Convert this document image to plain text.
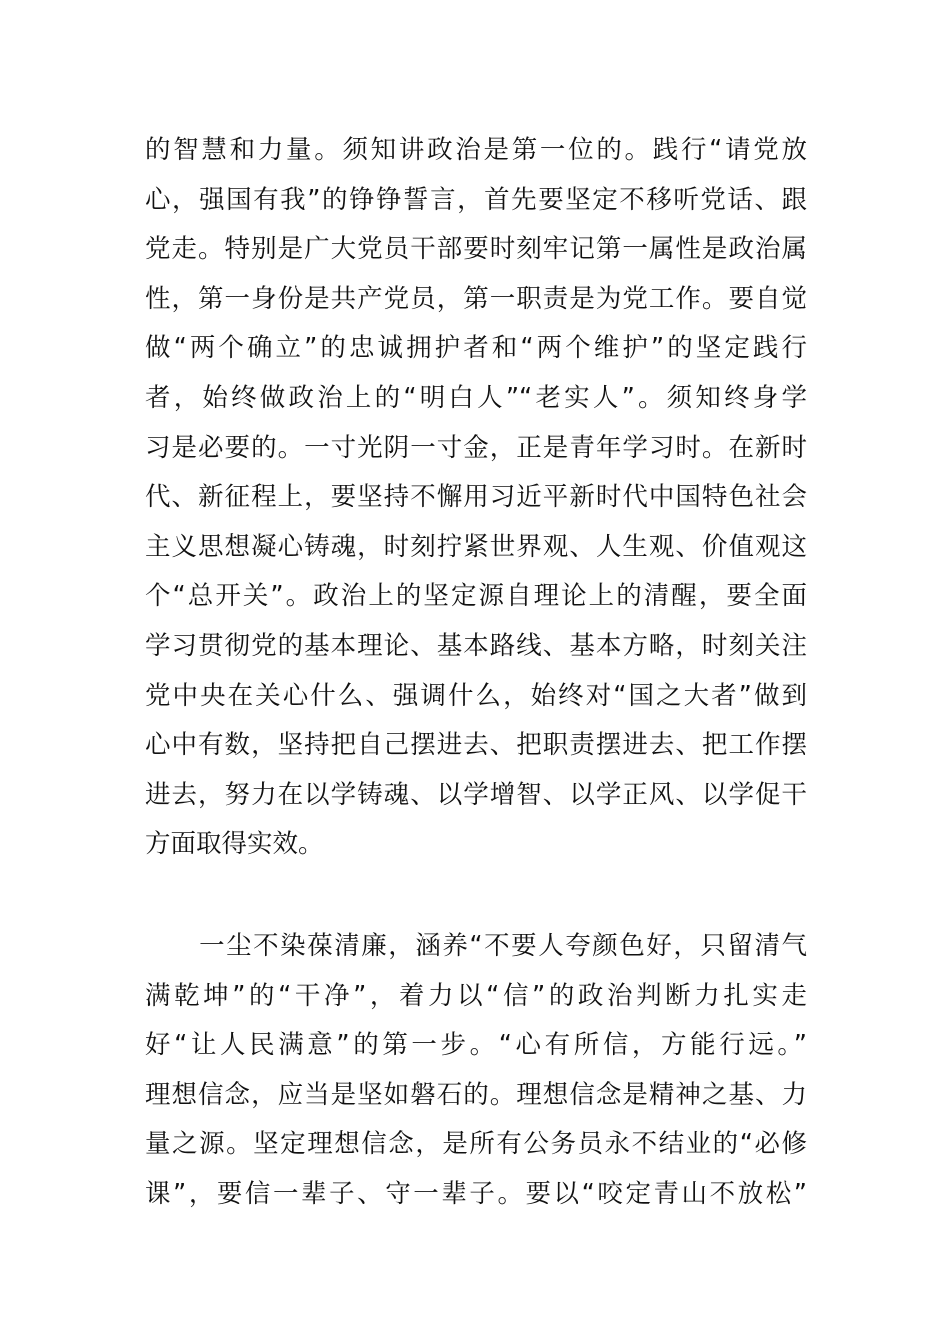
的智慧和力量。须知讲政治是第一位的。践行“请党放
心，强国有我”的铮铮誓言，首先要坚定不移听党话、跟
党走。特别是广大党员干部要时刻牢记第一属性是政治属
性，第一身份是共产党员，第一职责是为党工作。要自觉
做“两个确立”的忠诚拥护者和“两个维护”的坚定践行
者，始终做政治上的“明白人”“老实人”。须知终身学
习是必要的。一寸光阴一寸金，正是青年学习时。在新时
代、新征程上，要坚持不懈用习近平新时代中国特色社会
主义思想凝心铸魂，时刻拧紧世界观、人生观、价值观这
个“总开关”。政治上的坚定源自理论上的清醒，要全面
学习贯彻党的基本理论、基本路线、基本方略，时刻关注
党中央在关心什么、强调什么，始终对“国之大者”做到
心中有数，坚持把自己摆进去、把职责摆进去、把工作摆
进去，努力在以学铸魂、以学增智、以学正风、以学促干
方面取得实效。
　　一尘不染葆清廉，涵养“不要人夸颜色好，只留清气
满乾坤”的“干净”，着力以“信”的政治判断力扎实走
好“让人民满意”的第一步。“心有所信，方能行远。”
理想信念，应当是坚如磐石的。理想信念是精神之基、力
量之源。坚定理想信念，是所有公务员永不结业的“必修
课”，要信一辈子、守一辈子。要以“咬定青山不放松”
